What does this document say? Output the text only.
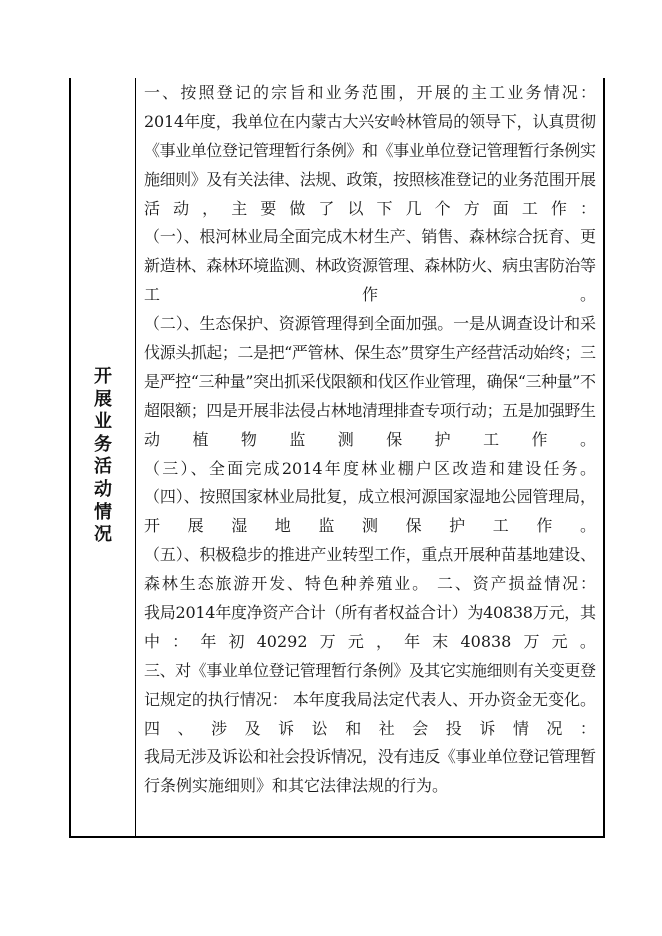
开
展
业
务
活
动
情
况
一、按照登记的宗旨和业务范围，开展的主工业务情况：
2014年度，我单位在内蒙古大兴安岭林管局的领导下，认真贯彻
《事业单位登记管理暂行条例》和《事业单位登记管理暂行条例实
施细则》及有关法律、法规、政策，按照核准登记的业务范围开展
活 动 ， 主 要 做 了 以 下 几 个 方 面 工 作 ：
（一）、根河林业局全面完成木材生产、销售、森林综合抚育、更
新造林、森林环境监测、林政资源管理、森林防火、病虫害防治等
工	作	。
（二）、生态保护、资源管理得到全面加强。一是从调查设计和采
伐源头抓起；二是把“严管林、保生态”贯穿生产经营活动始终；三
是严控“三种量”突出抓采伐限额和伐区作业管理，确保“三种量”不
超限额；四是开展非法侵占林地清理排查专项行动；五是加强野生
动 植 物 监 测 保 护 工 作 。
（三）、全面完成2014年度林业棚户区改造和建设任务。
（四）、按照国家林业局批复，成立根河源国家湿地公园管理局，
开 展 湿 地 监 测 保 护 工 作 。
（五）、积极稳步的推进产业转型工作，重点开展种苗基地建设、
森林生态旅游开发、特色种养殖业。 二、资产损益情况：
我局2014年度净资产合计（所有者权益合计）为40838万元，其
中 ： 年 初 40292 万 元 ， 年 末 40838 万 元 。
三、对《事业单位登记管理暂行条例》及其它实施细则有关变更登
记规定的执行情况： 本年度我局法定代表人、开办资金无变化。
四 、 涉 及 诉 讼 和 社 会 投 诉 情 况 ：
我局无涉及诉讼和社会投诉情况，没有违反《事业单位登记管理暂
行条例实施细则》和其它法律法规的行为。
